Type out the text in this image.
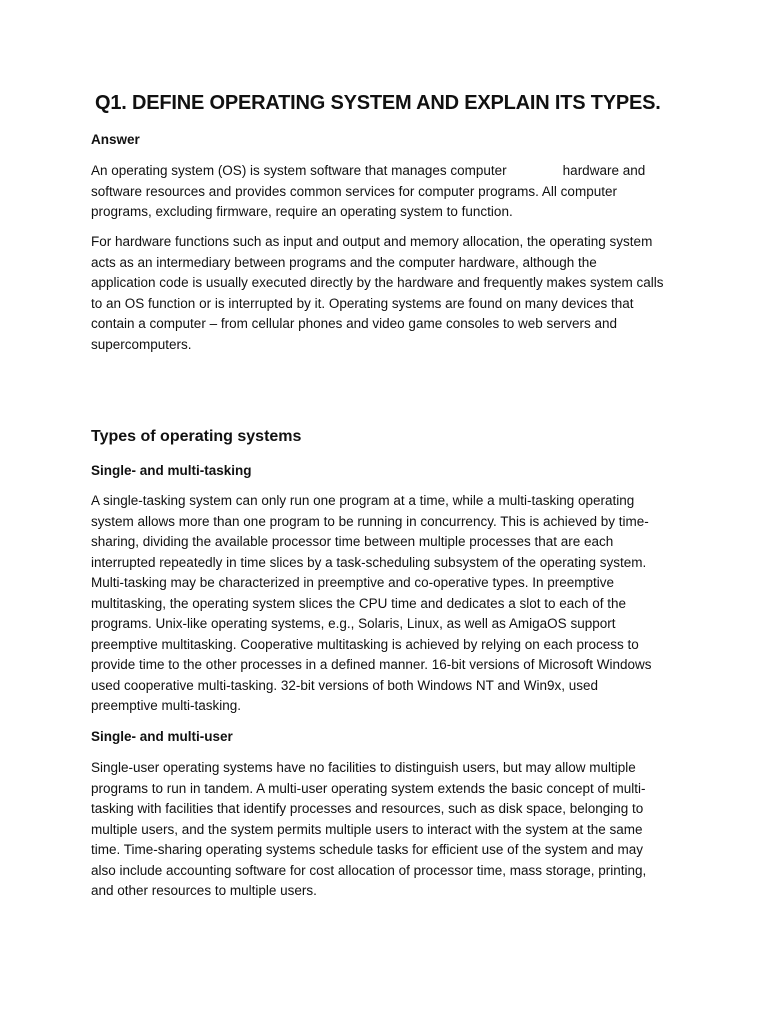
Q1. DEFINE OPERATING SYSTEM AND EXPLAIN ITS TYPES.
Answer
An operating system (OS) is system software that manages computer	hardware and
software resources and provides common services for computer programs. All computer
programs, excluding firmware, require an operating system to function.
For hardware functions such as input and output and memory allocation, the operating system
acts as an intermediary between programs and the computer hardware, although the
application code is usually executed directly by the hardware and frequently makes system calls
to an OS function or is interrupted by it. Operating systems are found on many devices that
contain a computer – from cellular phones and video game consoles to web servers and
supercomputers.
Types of operating systems
Single- and multi-tasking
A single-tasking system can only run one program at a time, while a multi-tasking operating
system allows more than one program to be running in concurrency. This is achieved by time-
sharing, dividing the available processor time between multiple processes that are each
interrupted repeatedly in time slices by a task-scheduling subsystem of the operating system.
Multi-tasking may be characterized in preemptive and co-operative types. In preemptive
multitasking, the operating system slices the CPU time and dedicates a slot to each of the
programs. Unix-like operating systems, e.g., Solaris, Linux, as well as AmigaOS support
preemptive multitasking. Cooperative multitasking is achieved by relying on each process to
provide time to the other processes in a defined manner. 16-bit versions of Microsoft Windows
used cooperative multi-tasking. 32-bit versions of both Windows NT and Win9x, used
preemptive multi-tasking.
Single- and multi-user
Single-user operating systems have no facilities to distinguish users, but may allow multiple
programs to run in tandem. A multi-user operating system extends the basic concept of multi-
tasking with facilities that identify processes and resources, such as disk space, belonging to
multiple users, and the system permits multiple users to interact with the system at the same
time. Time-sharing operating systems schedule tasks for efficient use of the system and may
also include accounting software for cost allocation of processor time, mass storage, printing,
and other resources to multiple users.
